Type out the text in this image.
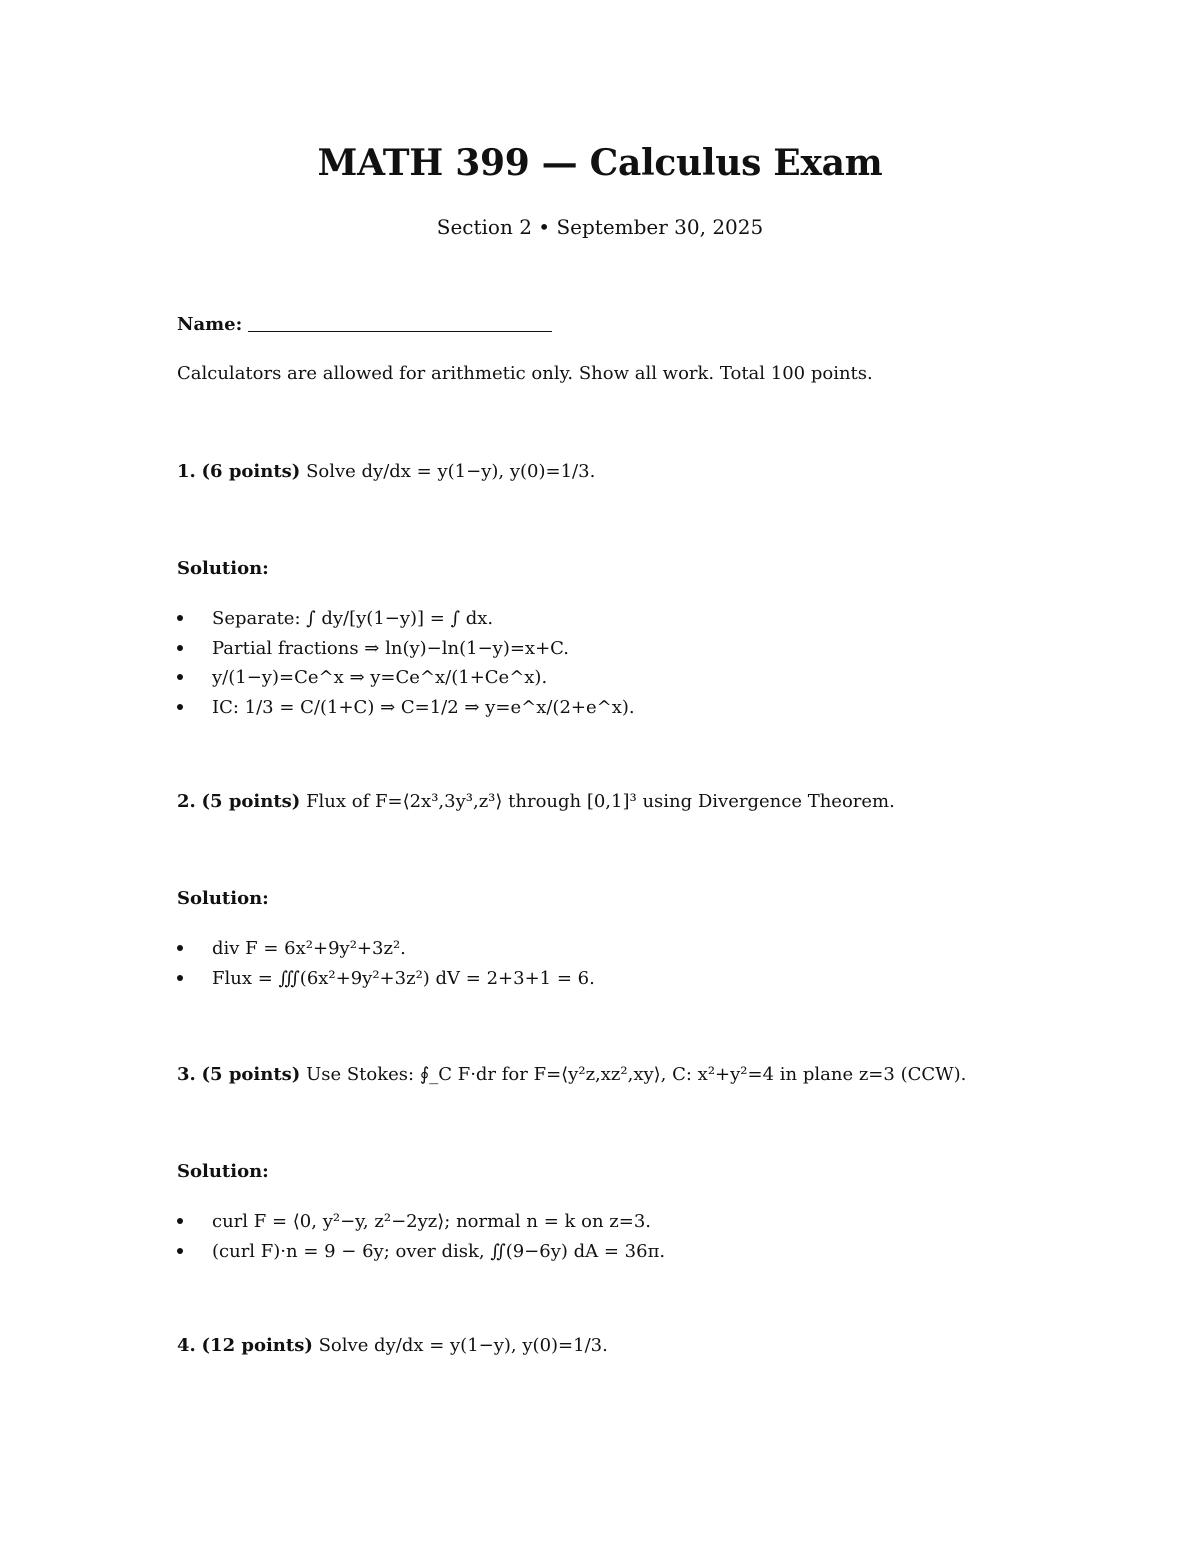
MATH 399 — Calculus Exam

Section 2 • September 30, 2025

Name:
Calculators are allowed for arithmetic only. Show all work. Total 100 points.
1. (6 points) Solve dy/dx = y(1−y), y(0)=1/3.
Solution:
Separate: ∫ dy/[y(1−y)] = ∫ dx.
Partial fractions ⇒ ln(y)−ln(1−y)=x+C.
y/(1−y)=Ce^x ⇒ y=Ce^x/(1+Ce^x).
IC: 1/3 = C/(1+C) ⇒ C=1/2 ⇒ y=e^x/(2+e^x).
2. (5 points) Flux of F=⟨2x³,3y³,z³⟩ through [0,1]³ using Divergence Theorem.
Solution:
div F = 6x²+9y²+3z².
Flux = ∭(6x²+9y²+3z²) dV = 2+3+1 = 6.
3. (5 points) Use Stokes: ∮_C F·dr for F=⟨y²z,xz²,xy⟩, C: x²+y²=4 in plane z=3 (CCW).
Solution:
curl F = ⟨0, y²−y, z²−2yz⟩; normal n = k on z=3.
(curl F)·n = 9 − 6y; over disk, ∬(9−6y) dA = 36π.
4. (12 points) Solve dy/dx = y(1−y), y(0)=1/3.
